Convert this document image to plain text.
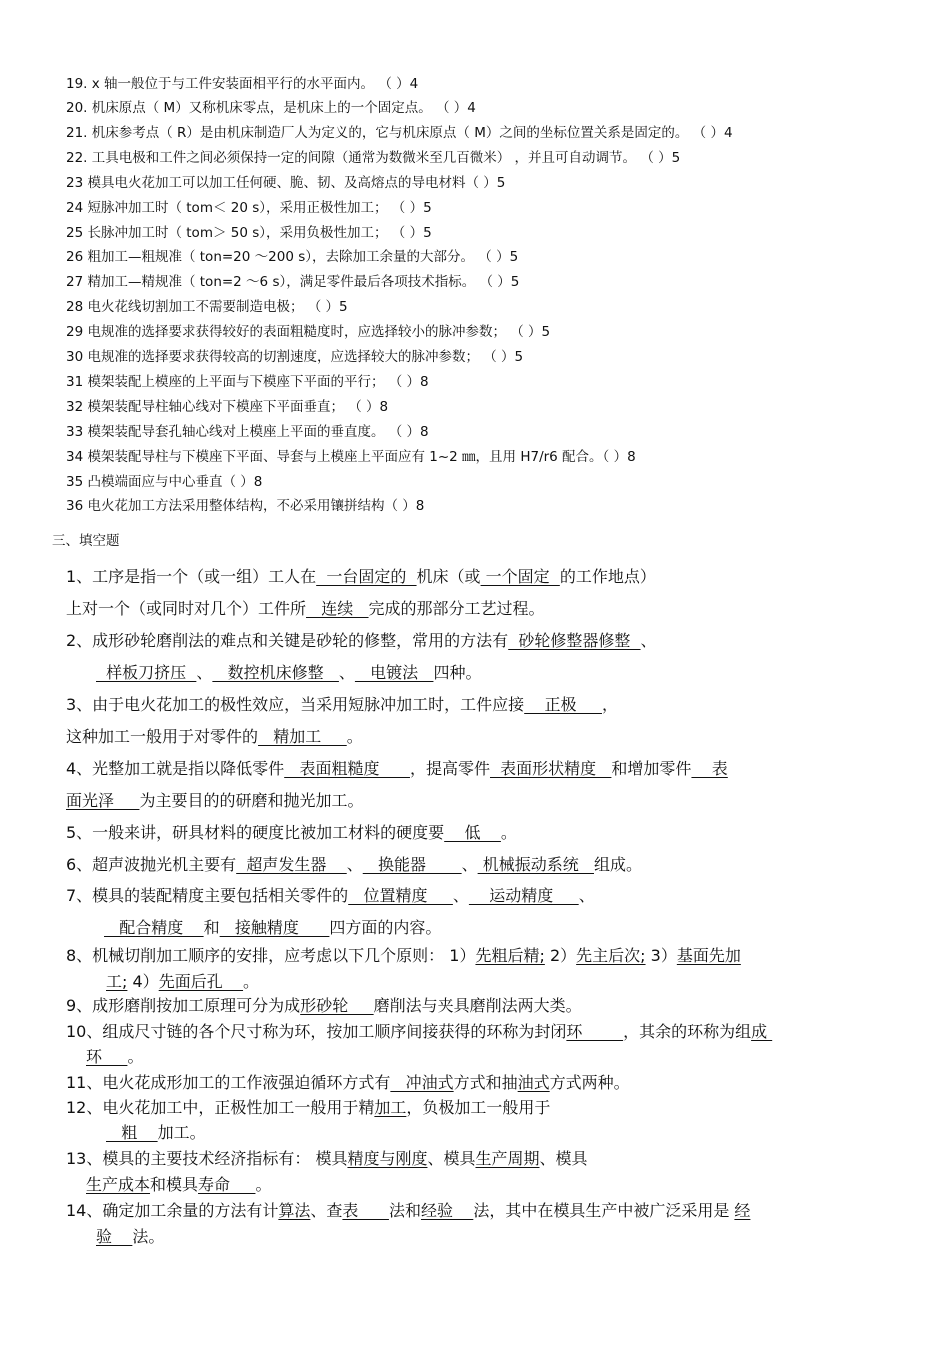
19. x 轴一般位于与工件安装面相平行的水平面内。 （ ）4
20. 机床原点（ M）又称机床零点，是机床上的一个固定点。 （ ）4
21. 机床参考点（ R）是由机床制造厂人为定义的，它与机床原点（ M）之间的坐标位置关系是固定的。 （ ）4
22. 工具电极和工件之间必须保持一定的间隙（通常为数微米至几百微米） ，并且可自动调节。 （ ）5
23 模具电火花加工可以加工任何硬、脆、韧、及高熔点的导电材料（ ）5
24 短脉冲加工时（ tom＜ 20 s），采用正极性加工； （ ）5
25 长脉冲加工时（ tom＞ 50 s），采用负极性加工； （ ）5
26 粗加工—粗规准（ ton=20 ～200 s），去除加工余量的大部分。 （ ）5
27 精加工—精规准（ ton=2 ～6 s），满足零件最后各项技术指标。 （ ）5
28 电火花线切割加工不需要制造电极； （ ）5
29 电规准的选择要求获得较好的表面粗糙度时，应选择较小的脉冲参数； （ ）5
30 电规准的选择要求获得较高的切割速度，应选择较大的脉冲参数； （ ）5
31 模架装配上模座的上平面与下模座下平面的平行； （ ）8
32 模架装配导柱轴心线对下模座下平面垂直； （ ）8
33 模架装配导套孔轴心线对上模座上平面的垂直度。 （ ）8
34 模架装配导柱与下模座下平面、导套与上模座上平面应有 1~2 ㎜，且用 H7/r6 配合。（ ）8
35 凸模端面应与中心垂直（ ）8
36 电火花加工方法采用整体结构，不必采用镶拼结构（ ）8
三、填空题
1、工序是指一个（或一组）工人在  一台固定的  机床（或 一个固定  的工作地点）
上对一个（或同时对几个）工件所   连续   完成的那部分工艺过程。
2、成形砂轮磨削法的难点和关键是砂轮的修整，常用的方法有  砂轮修整器修整  、
样板刀挤压  、   数控机床修整   、   电镀法   四种。
3、由于电火花加工的极性效应，当采用短脉冲加工时，工件应接    正极     ，
这种加工一般用于对零件的   精加工     。
4、光整加工就是指以降低零件   表面粗糙度      ，提高零件  表面形状精度   和增加零件    表
面光泽     为主要目的的研磨和抛光加工。
5、一般来讲，研具材料的硬度比被加工材料的硬度要    低    。
6、超声波抛光机主要有  超声发生器    、   换能器       、 机械振动系统   组成。
7、模具的装配精度主要包括相关零件的   位置精度     、    运动精度     、
配合精度    和   接触精度      四方面的内容。
8、机械切削加工顺序的安排，应考虑以下几个原则： 1）先粗后精; 2）先主后次; 3）基面先加
工; 4）先面后孔    。
9、成形磨削按加工原理可分为成形砂轮     磨削法与夹具磨削法两大类。
10、组成尺寸链的各个尺寸称为环，按加工顺序间接获得的环称为封闭环        ，其余的环称为组成
环     。
11、电火花成形加工的工作液强迫循环方式有   冲油式方式和抽油式方式两种。
12、电火花加工中，正极性加工一般用于精加工，负极加工一般用于
粗    加工。
13、模具的主要技术经济指标有： 模具精度与刚度、模具生产周期、模具
生产成本和模具寿命     。
14、确定加工余量的方法有计算法、查表      法和经验    法，其中在模具生产中被广泛采用是 经
验    法。
